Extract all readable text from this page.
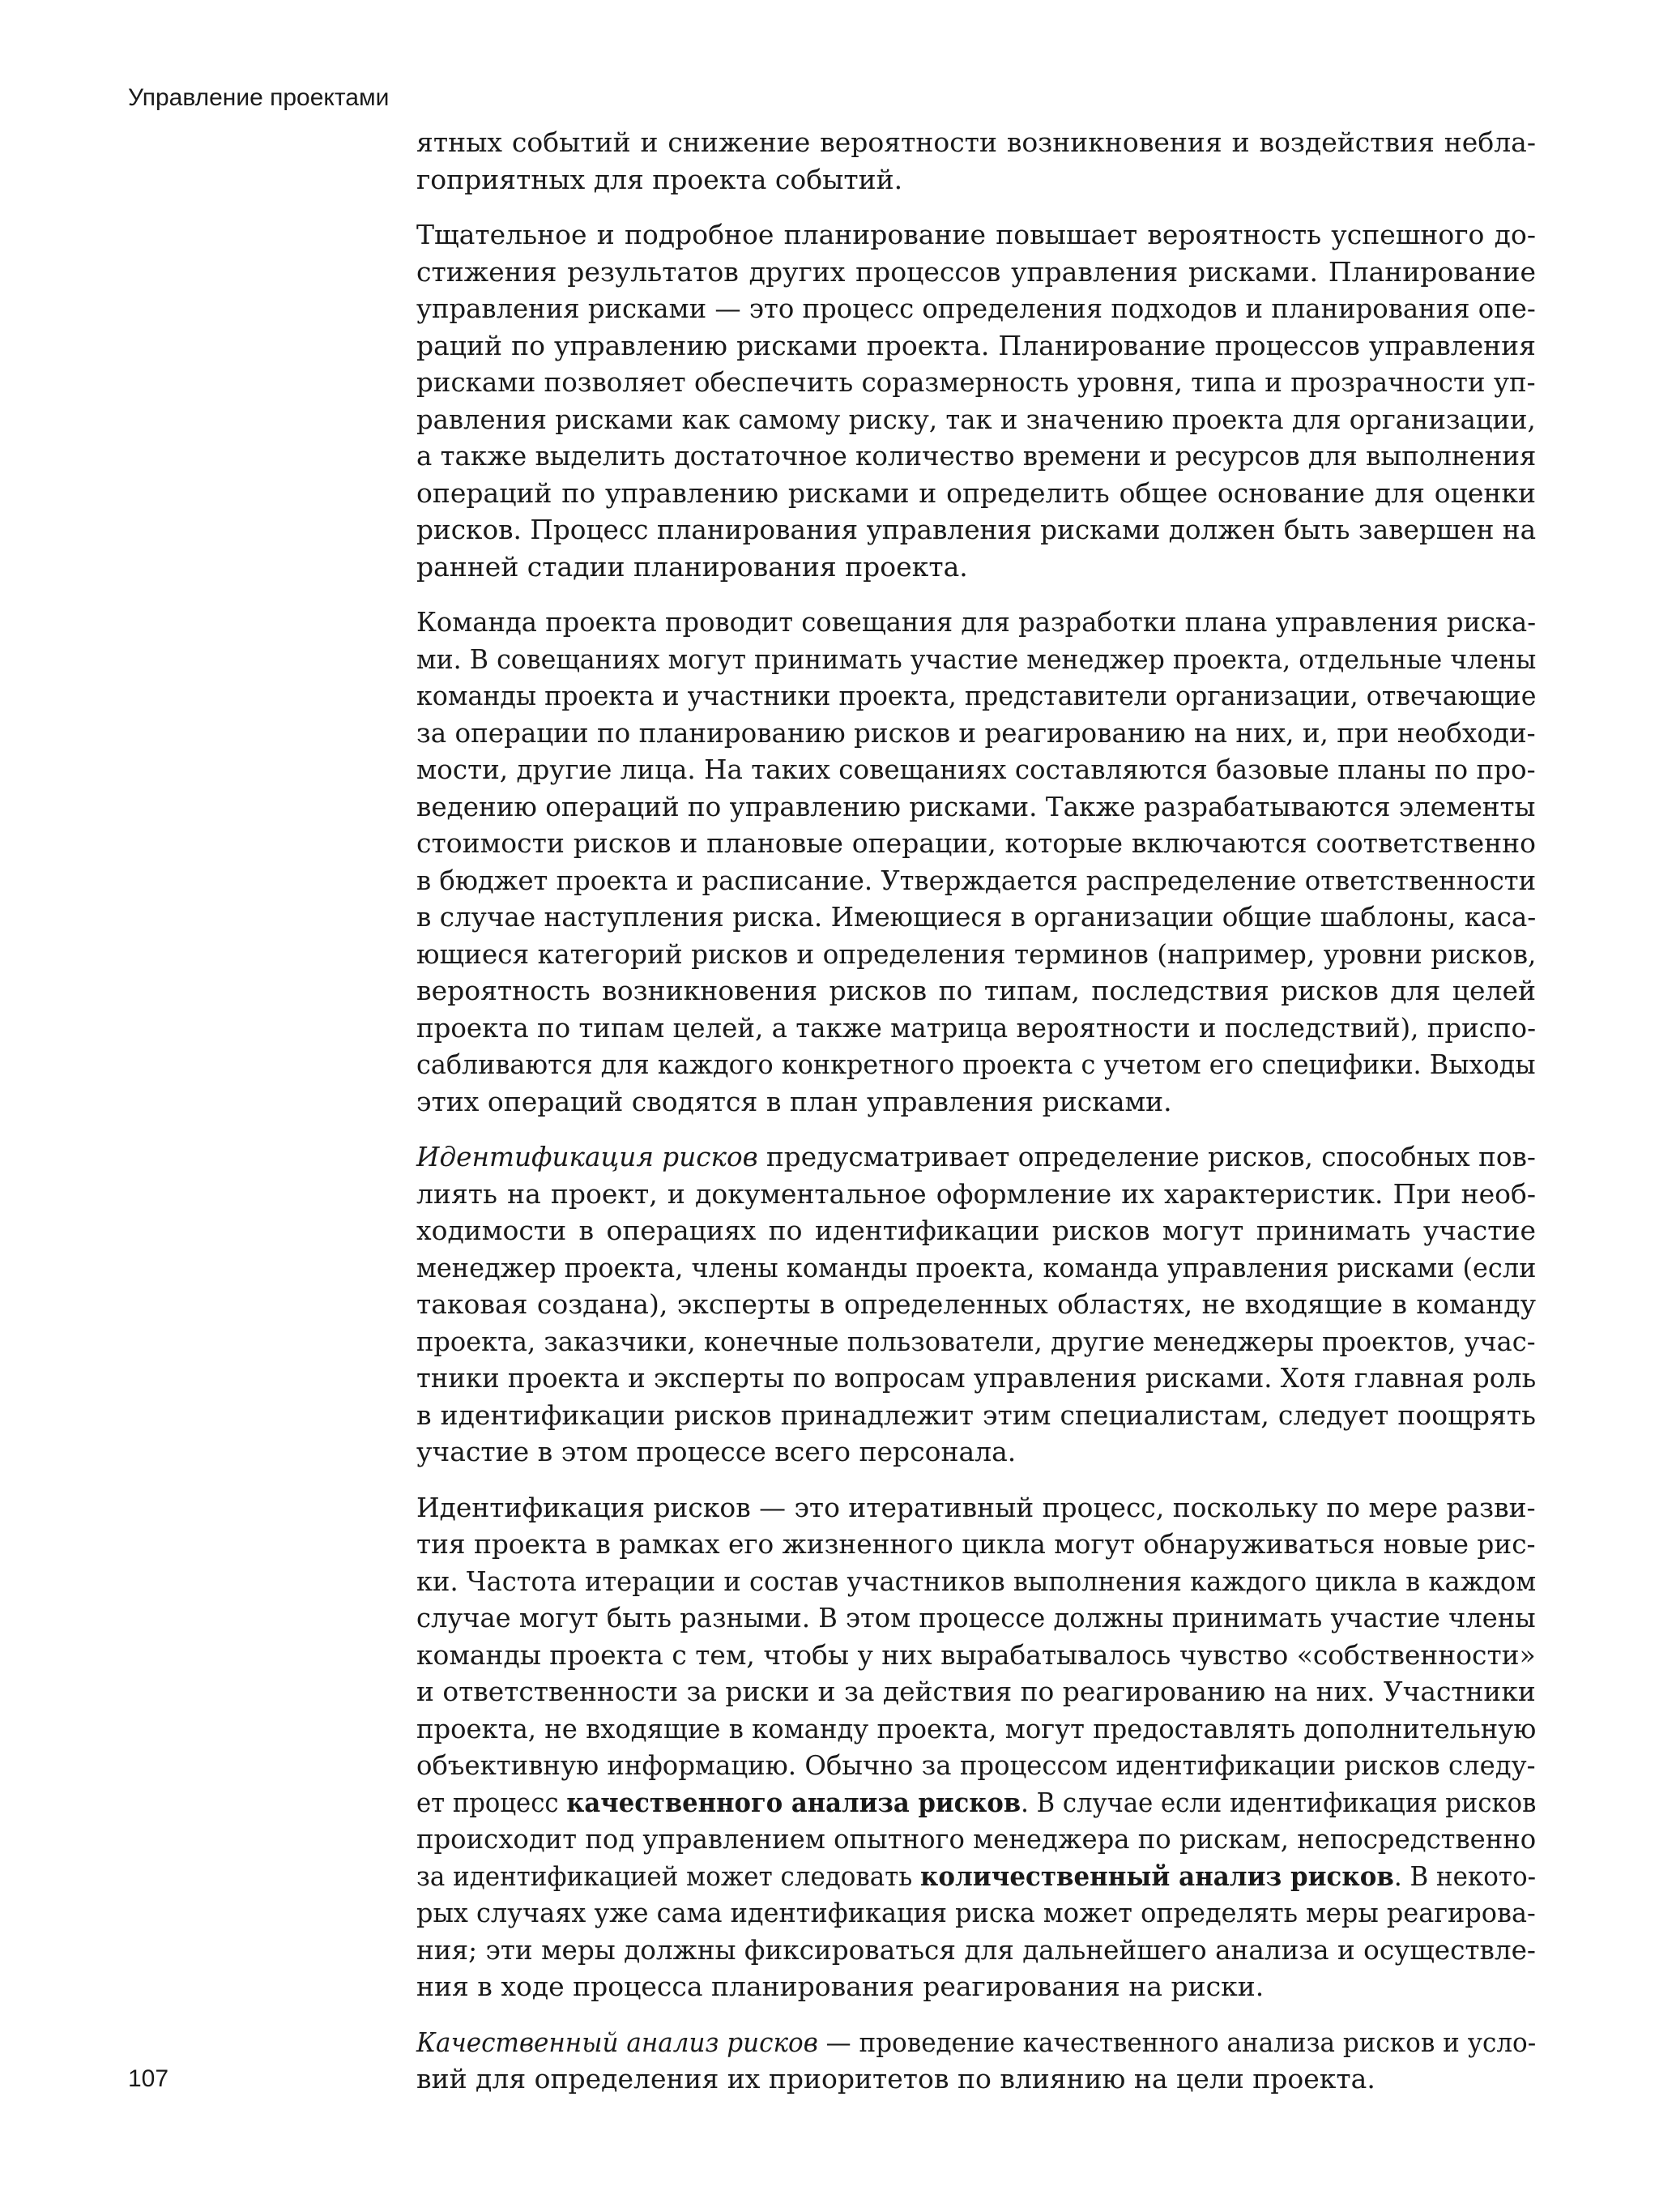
Управление проектами
ятных событий и снижение вероятности возникновения и воздействия небла-
гоприятных для проекта событий.
Тщательное и подробное планирование повышает вероятность успешного до-
стижения результатов других процессов управления рисками. Планирование
управления рисками — это процесс определения подходов и планирования опе-
раций по управлению рисками проекта. Планирование процессов управления
рисками позволяет обеспечить соразмерность уровня, типа и прозрачности уп-
равления рисками как самому риску, так и значению проекта для организации,
а также выделить достаточное количество времени и ресурсов для выполнения
операций по управлению рисками и определить общее основание для оценки
рисков. Процесс планирования управления рисками должен быть завершен на
ранней стадии планирования проекта.
Команда проекта проводит совещания для разработки плана управления риска-
ми. В совещаниях могут принимать участие менеджер проекта, отдельные члены
команды проекта и участники проекта, представители организации, отвечающие
за операции по планированию рисков и реагированию на них, и, при необходи-
мости, другие лица. На таких совещаниях составляются базовые планы по про-
ведению операций по управлению рисками. Также разрабатываются элементы
стоимости рисков и плановые операции, которые включаются соответственно
в бюджет проекта и расписание. Утверждается распределение ответственности
в случае наступления риска. Имеющиеся в организации общие шаблоны, каса-
ющиеся категорий рисков и определения терминов (например, уровни рисков,
вероятность возникновения рисков по типам, последствия рисков для целей
проекта по типам целей, а также матрица вероятности и последствий), приспо-
сабливаются для каждого конкретного проекта с учетом его специфики. Выходы
этих операций сводятся в план управления рисками.
Идентификация рисков предусматривает определение рисков, способных пов-
лиять на проект, и документальное оформление их характеристик. При необ-
ходимости в операциях по идентификации рисков могут принимать участие
менеджер проекта, члены команды проекта, команда управления рисками (если
таковая создана), эксперты в определенных областях, не входящие в команду
проекта, заказчики, конечные пользователи, другие менеджеры проектов, учас-
тники проекта и эксперты по вопросам управления рисками. Хотя главная роль
в идентификации рисков принадлежит этим специалистам, следует поощрять
участие в этом процессе всего персонала.
Идентификация рисков — это итеративный процесс, поскольку по мере разви-
тия проекта в рамках его жизненного цикла могут обнаруживаться новые рис-
ки. Частота итерации и состав участников выполнения каждого цикла в каждом
случае могут быть разными. В этом процессе должны принимать участие члены
команды проекта с тем, чтобы у них вырабатывалось чувство «собственности»
и ответственности за риски и за действия по реагированию на них. Участники
проекта, не входящие в команду проекта, могут предоставлять дополнительную
объективную информацию. Обычно за процессом идентификации рисков следу-
ет процесс качественного анализа рисков. В случае если идентификация рисков
происходит под управлением опытного менеджера по рискам, непосредственно
за идентификацией может следовать количественный анализ рисков. В некото-
рых случаях уже сама идентификация риска может определять меры реагирова-
ния; эти меры должны фиксироваться для дальнейшего анализа и осуществле-
ния в ходе процесса планирования реагирования на риски.
Качественный анализ рисков — проведение качественного анализа рисков и усло-
вий для определения их приоритетов по влиянию на цели проекта.
107
